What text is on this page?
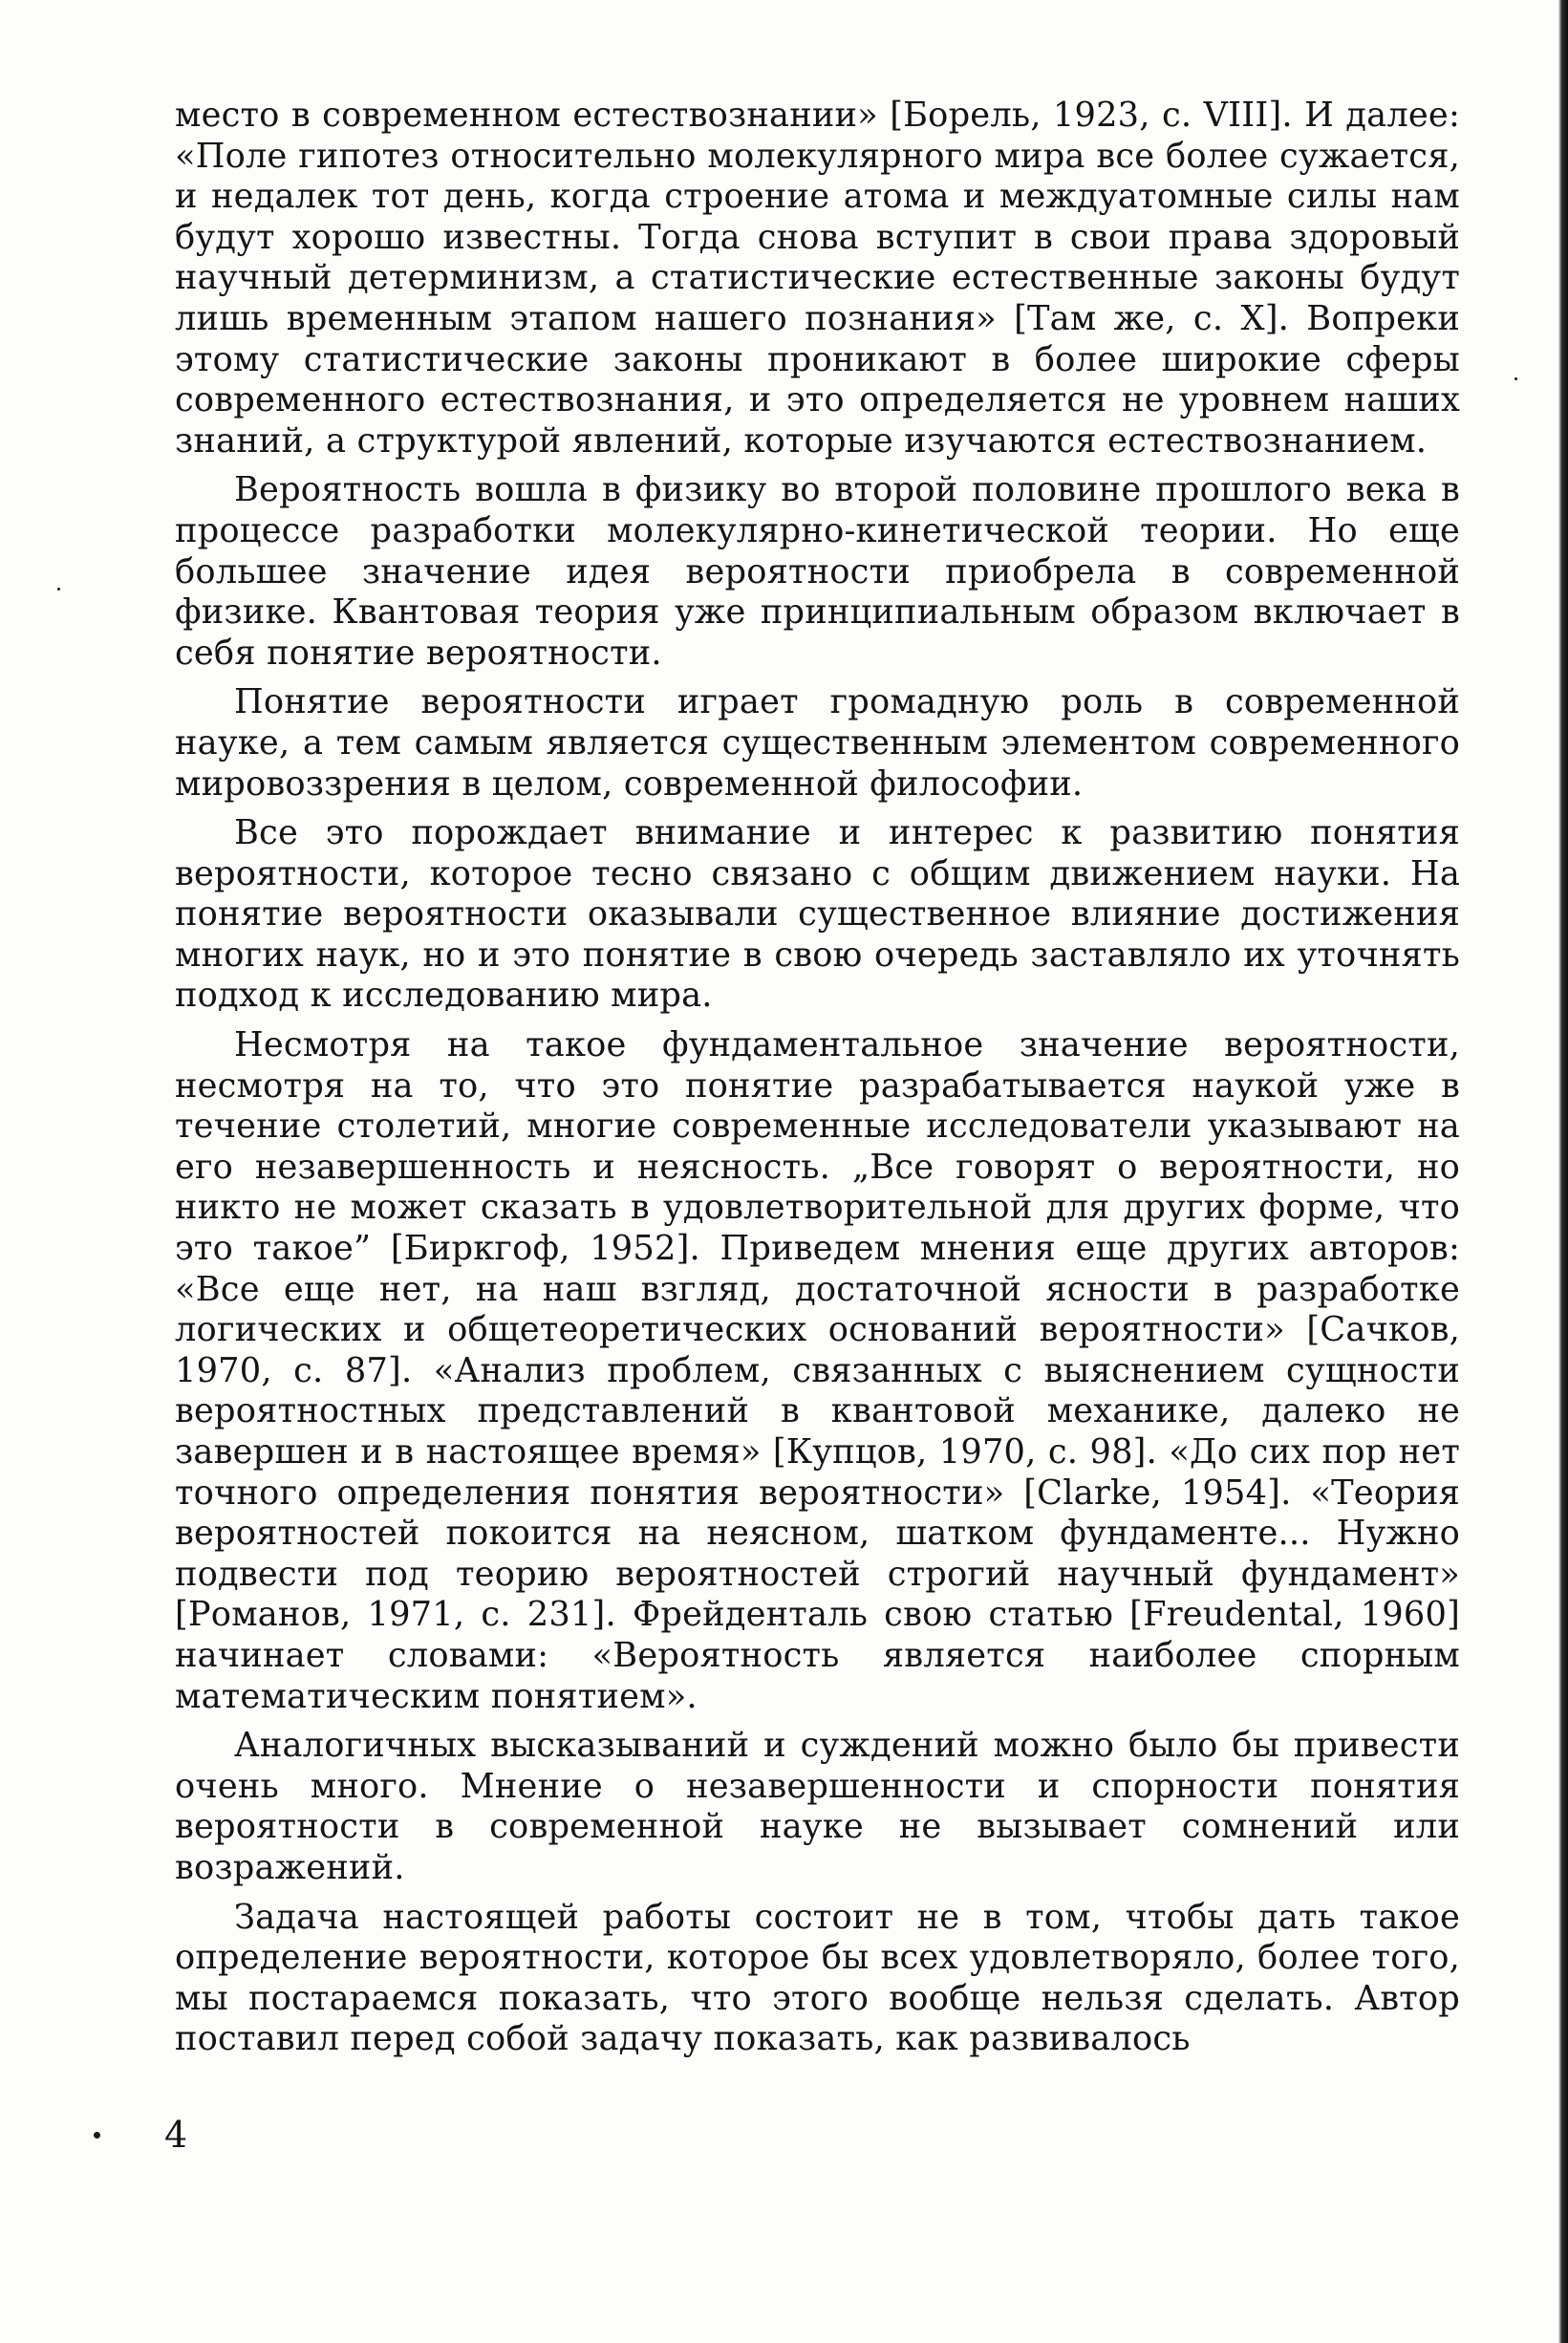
место в современном естествознании» [Борель, 1923, с. VIII]. И далее: «Поле гипотез относительно молекулярного мира все более сужается, и недалек тот день, когда строение атома и междуатомные силы нам будут хорошо известны. Тогда снова вступит в свои права здоровый научный детерминизм, а статистические естественные законы будут лишь временным этапом нашего познания» [Там же, с. X]. Вопреки этому статистические законы проникают в более широкие сферы современного естествознания, и это определяется не уровнем наших знаний, а структурой явлений, которые изучаются естествознанием.

Вероятность вошла в физику во второй половине прошлого века в процессе разработки молекулярно-кинетической теории. Но еще большее значение идея вероятности приобрела в современной физике. Квантовая теория уже принципиальным образом включает в себя понятие вероятности.

Понятие вероятности играет громадную роль в современной науке, а тем самым является существенным элементом современного мировоззрения в целом, современной философии.

Все это порождает внимание и интерес к развитию понятия вероятности, которое тесно связано с общим движением науки. На понятие вероятности оказывали существенное влияние достижения многих наук, но и это понятие в свою очередь заставляло их уточнять подход к исследованию мира.

Несмотря на такое фундаментальное значение вероятности, несмотря на то, что это понятие разрабатывается наукой уже в течение столетий, многие современные исследователи указывают на его незавершенность и неясность. „Все говорят о вероятности, но никто не может сказать в удовлетворительной для других форме, что это такое” [Биркгоф, 1952]. Приведем мнения еще других авторов: «Все еще нет, на наш взгляд, достаточной ясности в разработке логических и общетеоретических оснований вероятности» [Сачков, 1970, с. 87]. «Анализ проблем, связанных с выяснением сущности вероятностных представлений в квантовой механике, далеко не завершен и в настоящее время» [Купцов, 1970, с. 98]. «До сих пор нет точного определения понятия вероятности» [Clarke, 1954]. «Теория вероятностей покоится на неясном, шатком фундаменте... Нужно подвести под теорию вероятностей строгий научный фундамент» [Романов, 1971, с. 231]. Фрейденталь свою статью [Freudental, 1960] начинает словами: «Вероятность является наиболее спорным математическим понятием».

Аналогичных высказываний и суждений можно было бы привести очень много. Мнение о незавершенности и спорности понятия вероятности в современной науке не вызывает сомнений или возражений.

Задача настоящей работы состоит не в том, чтобы дать такое определение вероятности, которое бы всех удовлетворяло, более того, мы постараемся показать, что этого вообще нельзя сделать. Автор поставил перед собой задачу показать, как развивалось

4
